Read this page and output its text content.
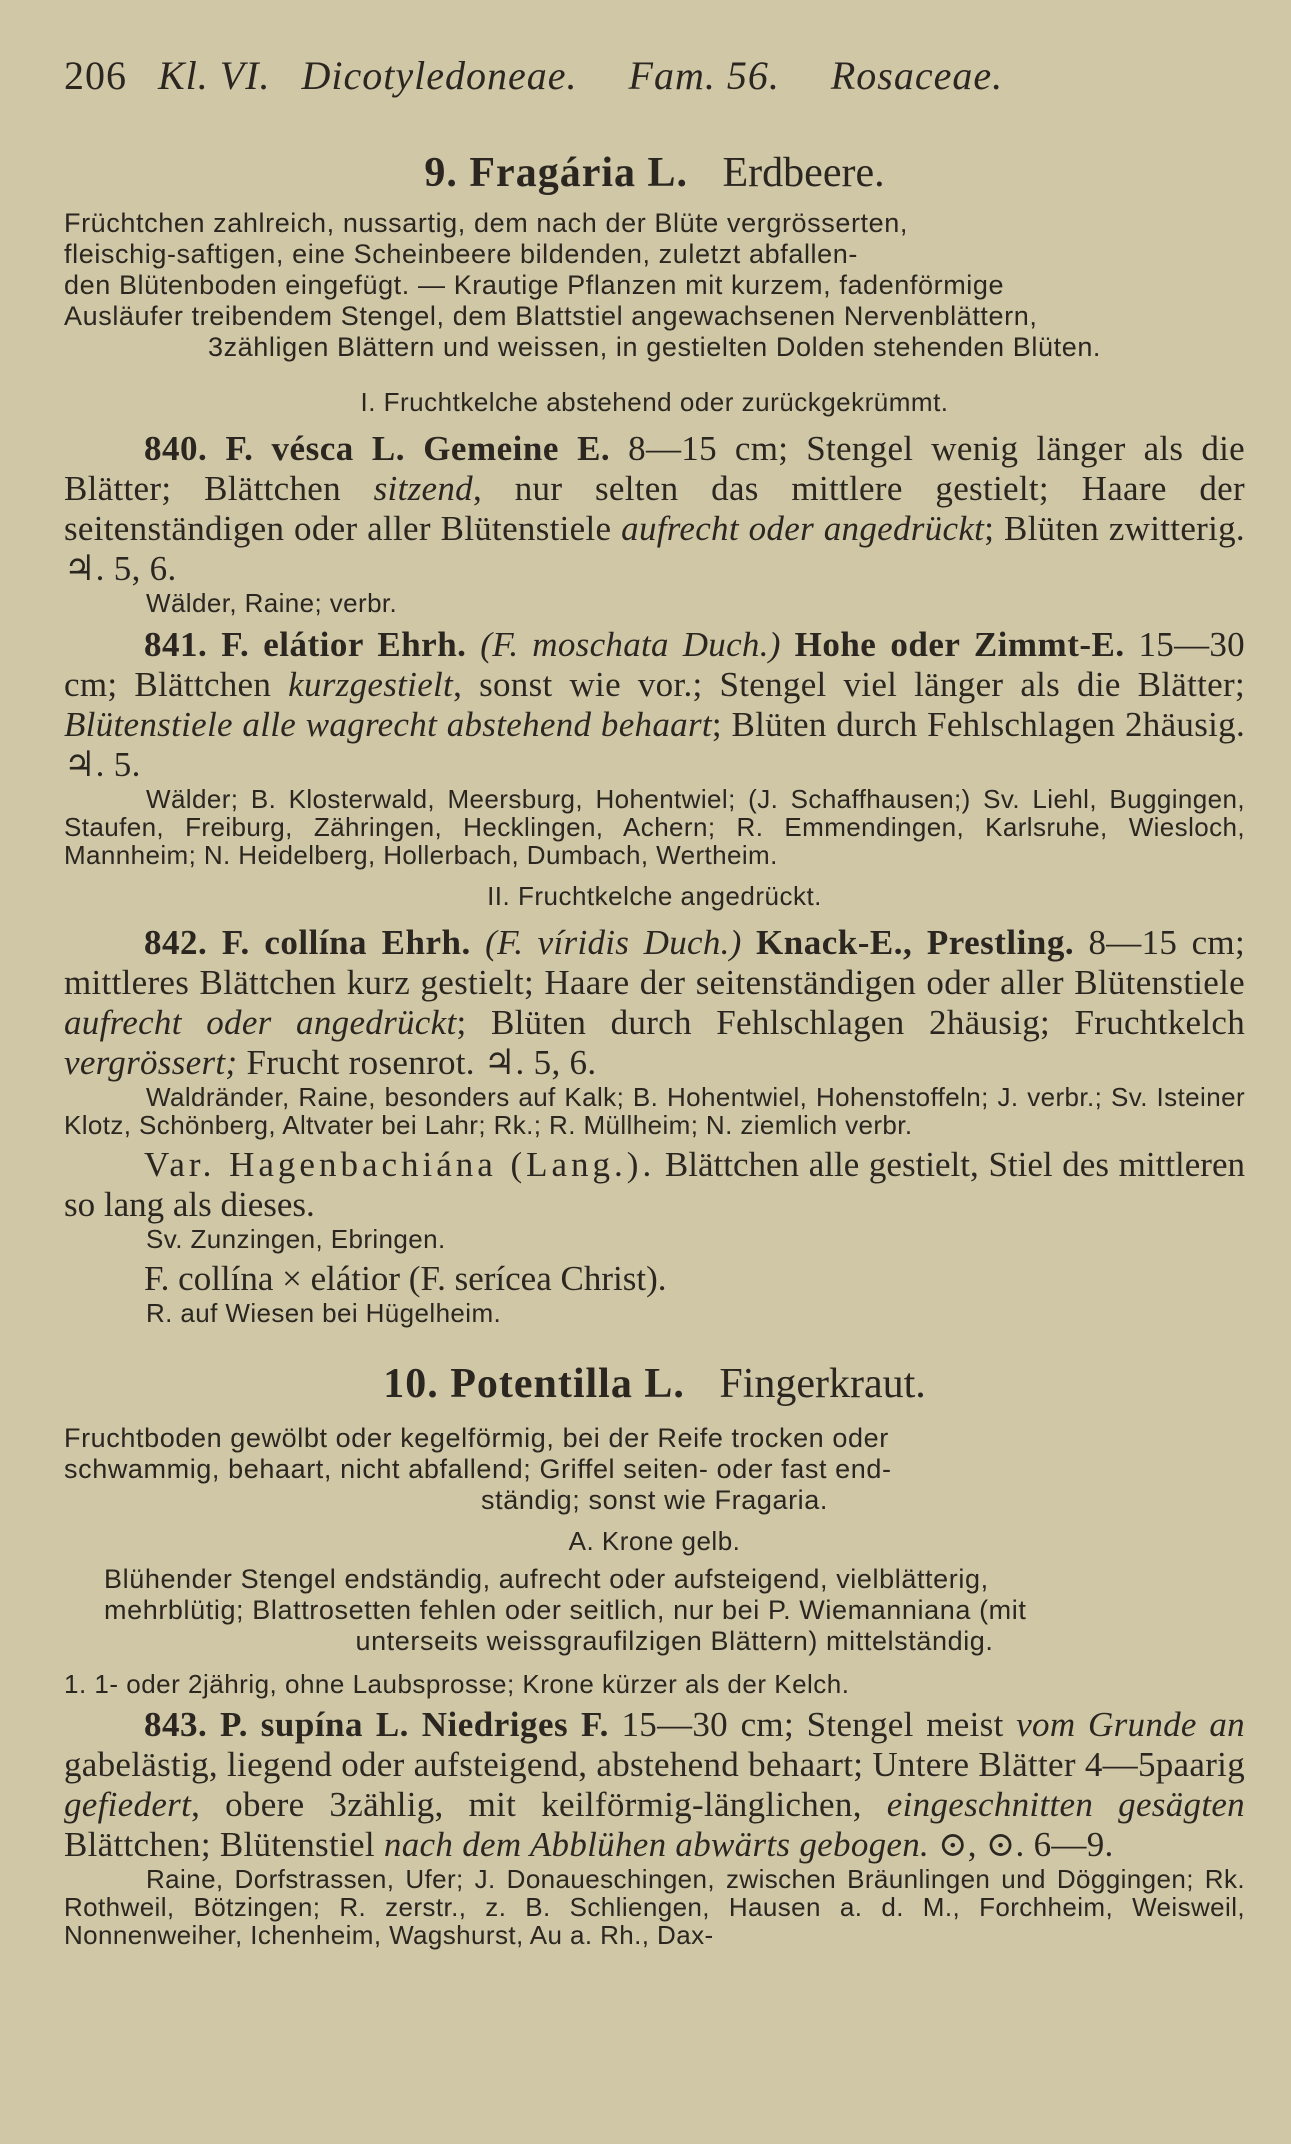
206 Kl. VI. Dicotyledoneae. Fam. 56. Rosaceae.
9. Fragária L. Erdbeere.
Früchtchen zahlreich, nussartig, dem nach der Blüte vergrösserten,
fleischig-saftigen, eine Scheinbeere bildenden, zuletzt abfallen-
den Blütenboden eingefügt. — Krautige Pflanzen mit kurzem, fadenförmige
Ausläufer treibendem Stengel, dem Blattstiel angewachsenen Nervenblättern,
3zähligen Blättern und weissen, in gestielten Dolden stehenden Blüten.
I. Fruchtkelche abstehend oder zurückgekrümmt.

840. F. vésca L. Gemeine E. 8—15 cm; Stengel wenig länger als die Blätter; Blättchen sitzend, nur selten das mittlere gestielt; Haare der seitenständigen oder aller Blütenstiele aufrecht oder angedrückt; Blüten zwitterig. ♃. 5, 6.

Wälder, Raine; verbr.

841. F. elátior Ehrh. (F. moschata Duch.) Hohe oder Zimmt-E. 15—30 cm; Blättchen kurzgestielt, sonst wie vor.; Stengel viel länger als die Blätter; Blütenstiele alle wagrecht abstehend behaart; Blüten durch Fehlschlagen 2häusig. ♃. 5.

Wälder; B. Klosterwald, Meersburg, Hohentwiel; (J. Schaffhausen;) Sv. Liehl, Buggingen, Staufen, Freiburg, Zähringen, Hecklingen, Achern; R. Emmendingen, Karlsruhe, Wiesloch, Mannheim; N. Heidelberg, Hollerbach, Dumbach, Wertheim.

II. Fruchtkelche angedrückt.

842. F. collína Ehrh. (F. víridis Duch.) Knack-E., Prestling. 8—15 cm; mittleres Blättchen kurz gestielt; Haare der seitenständigen oder aller Blütenstiele aufrecht oder angedrückt; Blüten durch Fehlschlagen 2häusig; Fruchtkelch vergrössert; Frucht rosenrot. ♃. 5, 6.

Waldränder, Raine, besonders auf Kalk; B. Hohentwiel, Hohenstoffeln; J. verbr.; Sv. Isteiner Klotz, Schönberg, Altvater bei Lahr; Rk.; R. Müllheim; N. ziemlich verbr.

Var. Hagenbachiána (Lang.). Blättchen alle gestielt, Stiel des mittleren so lang als dieses.

Sv. Zunzingen, Ebringen.

F. collína × elátior (F. serícea Christ).

R. auf Wiesen bei Hügelheim.

10. Potentilla L. Fingerkraut.
Fruchtboden gewölbt oder kegelförmig, bei der Reife trocken oder
schwammig, behaart, nicht abfallend; Griffel seiten- oder fast end-
ständig; sonst wie Fragaria.
A. Krone gelb.
Blühender Stengel endständig, aufrecht oder aufsteigend, vielblätterig,
mehrblütig; Blattrosetten fehlen oder seitlich, nur bei P. Wiemanniana (mit
unterseits weissgraufilzigen Blättern) mittelständig.
1. 1- oder 2jährig, ohne Laubsprosse; Krone kürzer als der Kelch.

843. P. supína L. Niedriges F. 15—30 cm; Stengel meist vom Grunde an gabelästig, liegend oder aufsteigend, abstehend behaart; Untere Blätter 4—5paarig gefiedert, obere 3zählig, mit keilförmig-länglichen, eingeschnitten gesägten Blättchen; Blütenstiel nach dem Abblühen abwärts gebogen. ⊙, ⊙. 6—9.

Raine, Dorfstrassen, Ufer; J. Donaueschingen, zwischen Bräunlingen und Döggingen; Rk. Rothweil, Bötzingen; R. zerstr., z. B. Schliengen, Hausen a. d. M., Forchheim, Weisweil, Nonnenweiher, Ichenheim, Wagshurst, Au a. Rh., Dax-
